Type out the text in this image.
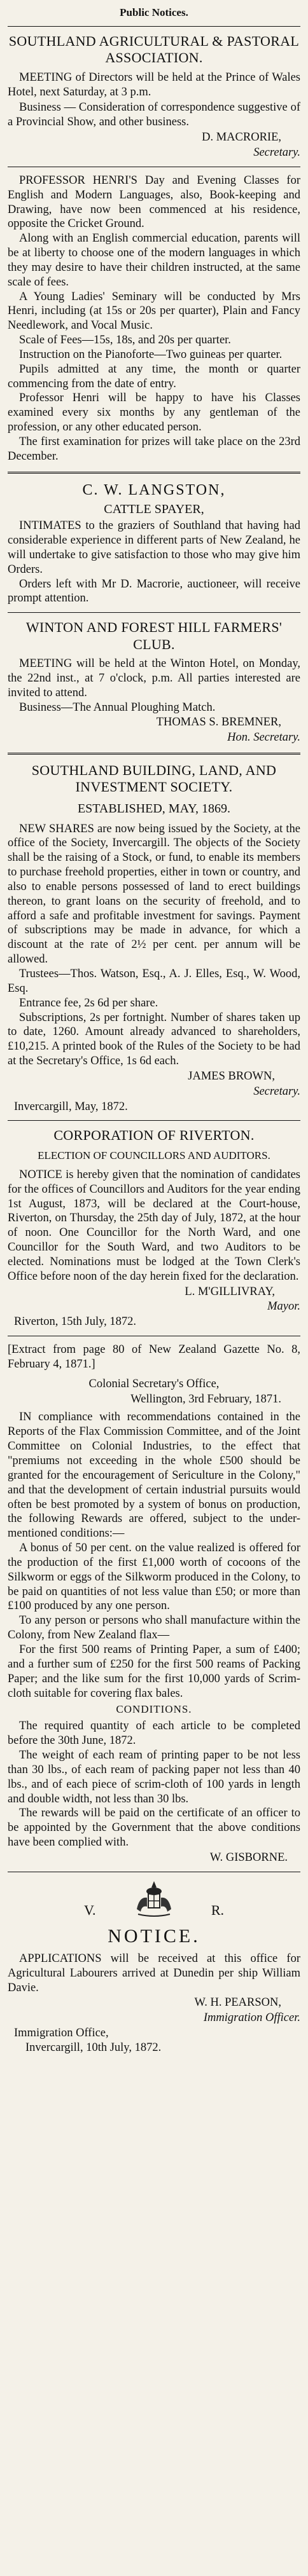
Public Notices.
SOUTHLAND AGRICULTURAL & PASTORAL ASSOCIATION.

MEETING of Directors will be held at the Prince of Wales Hotel, next Saturday, at 3 p.m.

Business — Consideration of correspondence suggestive of a Provincial Show, and other business.

D. MACRORIE,
Secretary.

PROFESSOR HENRI'S Day and Evening Classes for English and Modern Languages, also, Book-keeping and Drawing, have now been commenced at his residence, opposite the Cricket Ground.

Along with an English commercial education, parents will be at liberty to choose one of the modern languages in which they may desire to have their children instructed, at the same scale of fees.

A Young Ladies' Seminary will be conducted by Mrs Henri, including (at 15s or 20s per quarter), Plain and Fancy Needlework, and Vocal Music.

Scale of Fees—15s, 18s, and 20s per quarter.

Instruction on the Pianoforte—Two guineas per quarter.

Pupils admitted at any time, the month or quarter commencing from the date of entry.

Professor Henri will be happy to have his Classes examined every six months by any gentleman of the profession, or any other educated person.

The first examination for prizes will take place on the 23rd December.

C. W. LANGSTON,
CATTLE SPAYER,

INTIMATES to the graziers of Southland that having had considerable experience in different parts of New Zealand, he will undertake to give satisfaction to those who may give him Orders.

Orders left with Mr D. Macrorie, auctioneer, will receive prompt attention.

WINTON AND FOREST HILL FARMERS' CLUB.

MEETING will be held at the Winton Hotel, on Monday, the 22nd inst., at 7 o'clock, p.m. All parties interested are invited to attend.

Business—The Annual Ploughing Match.

THOMAS S. BREMNER,
Hon. Secretary.
SOUTHLAND BUILDING, LAND, AND INVESTMENT SOCIETY.
ESTABLISHED, MAY, 1869.

NEW SHARES are now being issued by the Society, at the office of the Society, Invercargill. The objects of the Society shall be the raising of a Stock, or fund, to enable its members to purchase freehold properties, either in town or country, and also to enable persons possessed of land to erect buildings thereon, to grant loans on the security of freehold, and to afford a safe and profitable investment for savings. Payment of subscriptions may be made in advance, for which a discount at the rate of 2½ per cent. per annum will be allowed.

Trustees—Thos. Watson, Esq., A. J. Elles, Esq., W. Wood, Esq.

Entrance fee, 2s 6d per share.

Subscriptions, 2s per fortnight. Number of shares taken up to date, 1260. Amount already advanced to shareholders, £10,215. A printed book of the Rules of the Society to be had at the Secretary's Office, 1s 6d each.

JAMES BROWN,
Secretary.
Invercargill, May, 1872.
CORPORATION OF RIVERTON.
ELECTION OF COUNCILLORS AND AUDITORS.

NOTICE is hereby given that the nomination of candidates for the offices of Councillors and Auditors for the year ending 1st August, 1873, will be declared at the Court-house, Riverton, on Thursday, the 25th day of July, 1872, at the hour of noon. One Councillor for the North Ward, and one Councillor for the South Ward, and two Auditors to be elected. Nominations must be lodged at the Town Clerk's Office before noon of the day herein fixed for the declaration.

L. M'GILLIVRAY,
Mayor.
Riverton, 15th July, 1872.

[Extract from page 80 of New Zealand Gazette No. 8, February 4, 1871.]

Colonial Secretary's Office,
Wellington, 3rd February, 1871.

IN compliance with recommendations contained in the Reports of the Flax Commission Committee, and of the Joint Committee on Colonial Industries, to the effect that "premiums not exceeding in the whole £500 should be granted for the encouragement of Sericulture in the Colony," and that the development of certain industrial pursuits would often be best promoted by a system of bonus on production, the following Rewards are offered, subject to the under-mentioned conditions:—

A bonus of 50 per cent. on the value realized is offered for the production of the first £1,000 worth of cocoons of the Silkworm or eggs of the Silkworm produced in the Colony, to be paid on quantities of not less value than £50; or more than £100 produced by any one person.

To any person or persons who shall manufacture within the Colony, from New Zealand flax—

For the first 500 reams of Printing Paper, a sum of £400; and a further sum of £250 for the first 500 reams of Packing Paper; and the like sum for the first 10,000 yards of Scrim-cloth suitable for covering flax bales.

CONDITIONS.

The required quantity of each article to be completed before the 30th June, 1872.

The weight of each ream of printing paper to be not less than 30 lbs., of each ream of packing paper not less than 40 lbs., and of each piece of scrim-cloth of 100 yards in length and double width, not less than 30 lbs.

The rewards will be paid on the certificate of an officer to be appointed by the Government that the above conditions have been complied with.

W. GISBORNE.
V.	R.
NOTICE.

APPLICATIONS will be received at this office for Agricultural Labourers arrived at Dunedin per ship William Davie.

W. H. PEARSON,
Immigration Officer.
Immigration Office,
Invercargill, 10th July, 1872.
